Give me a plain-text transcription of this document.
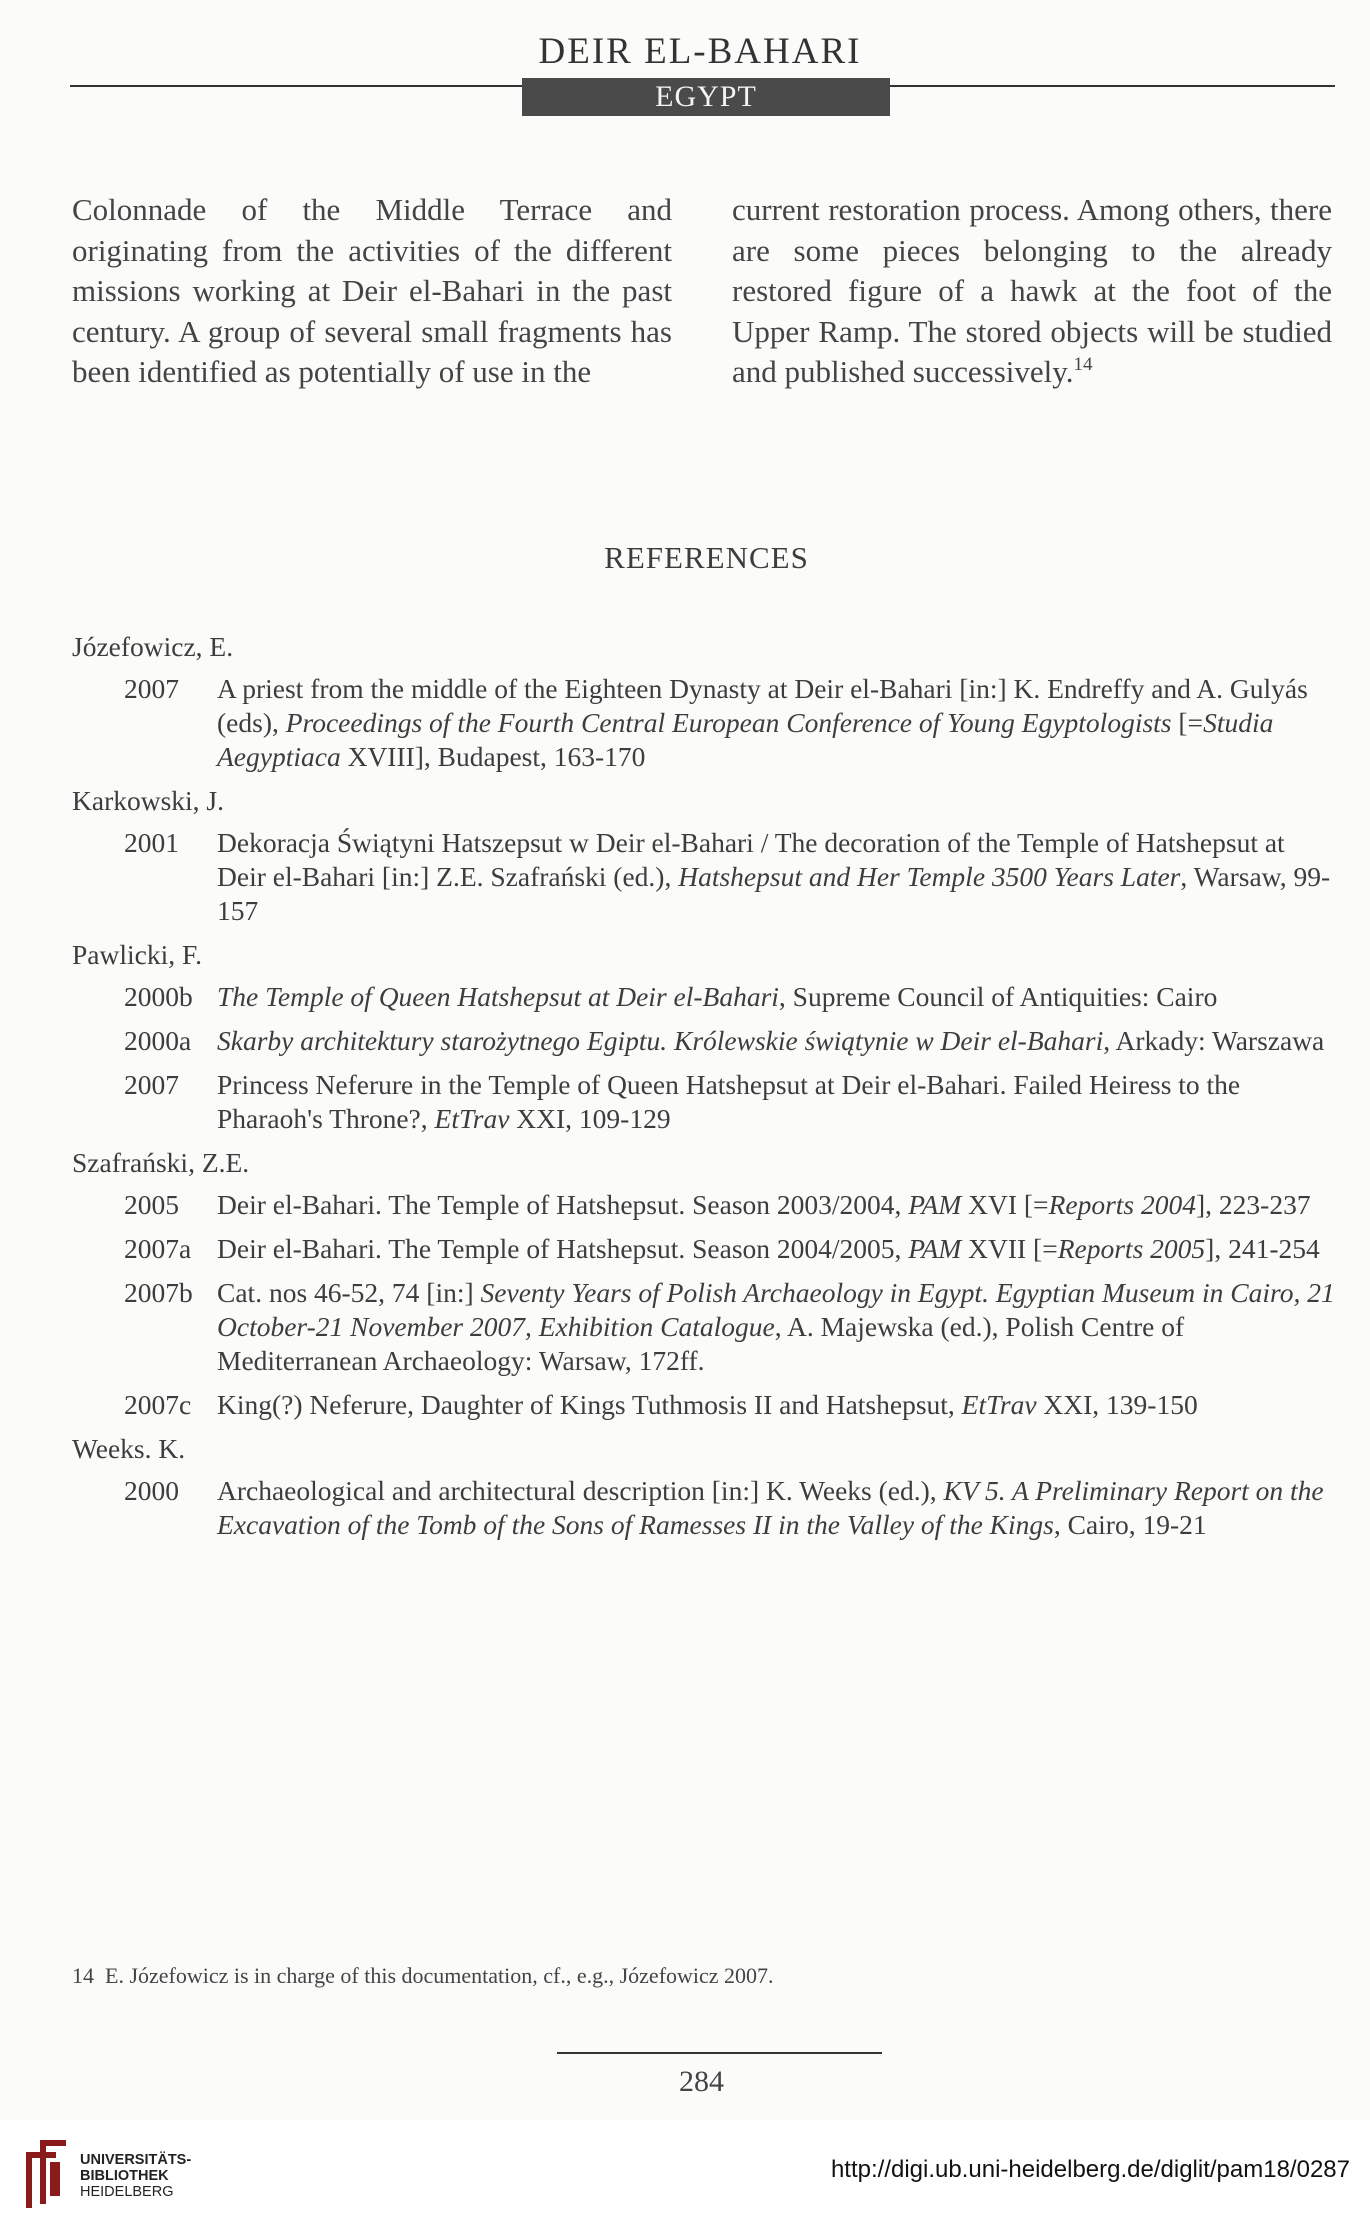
DEIR EL-BAHARI
EGYPT
Colonnade of the Middle Terrace and originating from the activities of the different missions working at Deir el-Bahari in the past century. A group of several small fragments has been identified as potentially of use in the
current restoration process. Among others, there are some pieces belonging to the already restored figure of a hawk at the foot of the Upper Ramp. The stored objects will be studied and published successively.$^{14}$
REFERENCES
Józefowicz, E.
2007	A priest from the middle of the Eighteen Dynasty at Deir el-Bahari [in:] K. Endreffy and A. Gulyás (eds), Proceedings of the Fourth Central European Conference of Young Egyptologists [=Studia Aegyptiaca XVIII], Budapest, 163-170
Karkowski, J.
2001	Dekoracja Świątyni Hatszepsut w Deir el-Bahari / The decoration of the Temple of Hatshepsut at Deir el-Bahari [in:] Z.E. Szafrański (ed.), Hatshepsut and Her Temple 3500 Years Later, Warsaw, 99-157
Pawlicki, F.
2000b The Temple of Queen Hatshepsut at Deir el-Bahari, Supreme Council of Antiquities: Cairo
2000a Skarby architektury starożytnego Egiptu. Królewskie świątynie w Deir el-Bahari, Arkady: Warszawa
2007	Princess Neferure in the Temple of Queen Hatshepsut at Deir el-Bahari. Failed Heiress to the Pharaoh's Throne?, EtTrav XXI, 109-129
Szafrański, Z.E.
2005	Deir el-Bahari. The Temple of Hatshepsut. Season 2003/2004, PAM XVI [=Reports 2004], 223-237
2007a Deir el-Bahari. The Temple of Hatshepsut. Season 2004/2005, PAM XVII [=Reports 2005], 241-254
2007b Cat. nos 46-52, 74 [in:] Seventy Years of Polish Archaeology in Egypt. Egyptian Museum in Cairo, 21 October-21 November 2007, Exhibition Catalogue, A. Majewska (ed.), Polish Centre of Mediterranean Archaeology: Warsaw, 172ff.
2007c King(?) Neferure, Daughter of Kings Tuthmosis II and Hatshepsut, EtTrav XXI, 139-150
Weeks. K.
2000	Archaeological and architectural description [in:] K. Weeks (ed.), KV 5. A Preliminary Report on the Excavation of the Tomb of the Sons of Ramesses II in the Valley of the Kings, Cairo, 19-21
14 E. Józefowicz is in charge of this documentation, cf., e.g., Józefowicz 2007.
284
UNIVERSITÄTS-
BIBLIOTHEK
HEIDELBERG
http://digi.ub.uni-heidelberg.de/diglit/pam18/0287
